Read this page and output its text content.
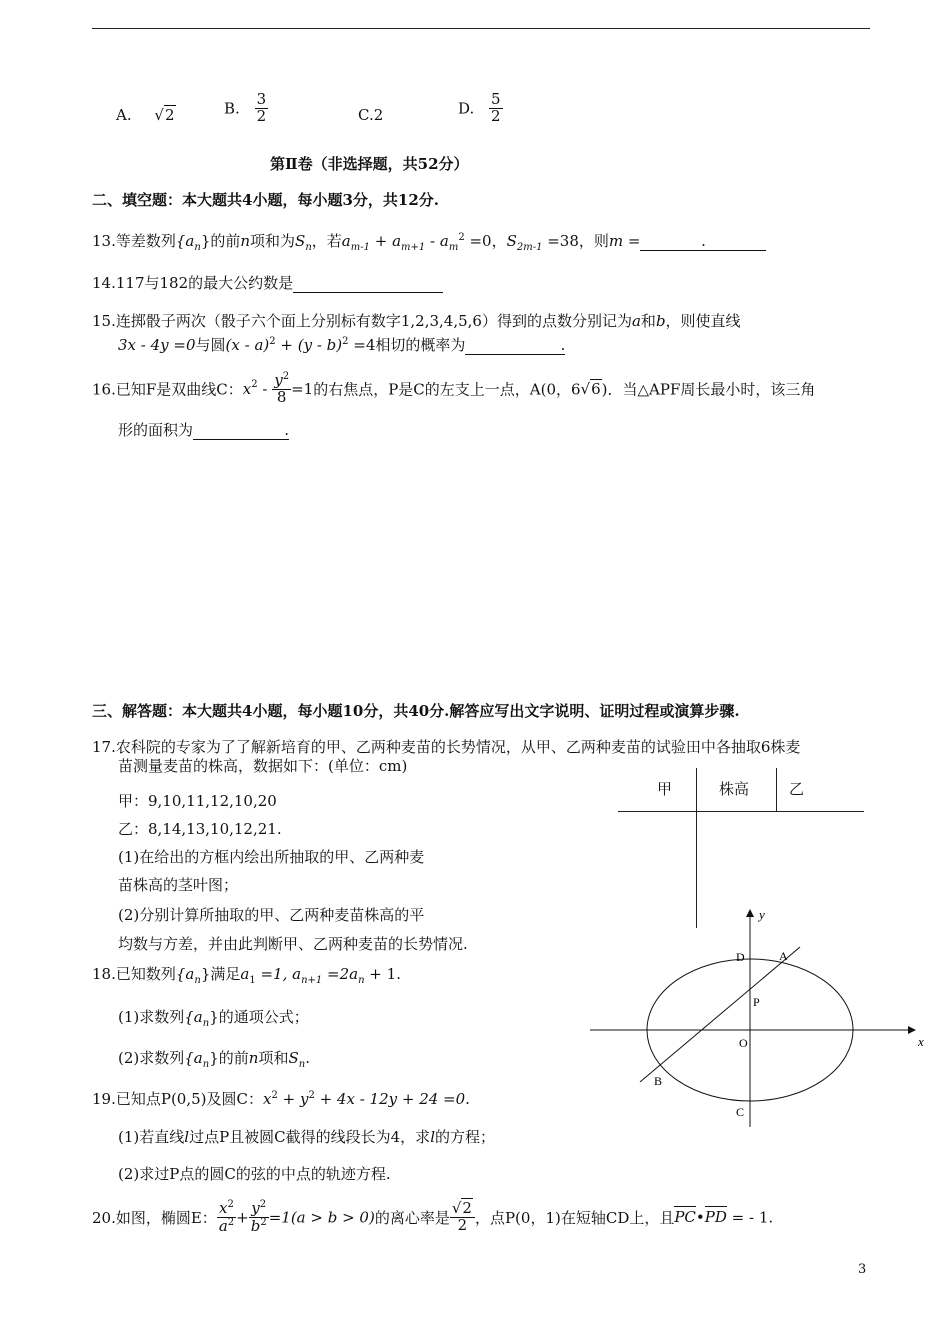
A. √2	B. $\frac{3}{2}$	C.2	D. $\frac{5}{2}$
第Ⅱ卷（非选择题，共52分）
二、填空题：本大题共4小题，每小题3分，共12分.
13.等差数列$\{a_n\}$的前n项和为$S_n$，若$a_{m-1} + a_{m+1} - a_m^2 =0$，$S_{2m-1} =38$，则m =	.
14.117与182的最大公约数是
15.连掷骰子两次（骰子六个面上分别标有数字1,2,3,4,5,6）得到的点数分别记为a和b，则使直线
3x - 4y =0与圆(x - a)$^2$ + (y - b)$^2$ =4相切的概率为	.
16.已知F是双曲线C：$x^2 - \frac{y^2}{8} =1$的右焦点，P是C的左支上一点，A(0，6√6)．当△APF周长最小时，该三角
形的面积为	.
三、解答题：本大题共4小题，每小题10分，共40分.解答应写出文字说明、证明过程或演算步骤.
17.农科院的专家为了了解新培育的甲、乙两种麦苗的长势情况，从甲、乙两种麦苗的试验田中各抽取6株麦
苗测量麦苗的株高，数据如下：(单位：cm)
甲：9,10,11,12,10,20
乙：8,14,13,10,12,21.
(1)在给出的方框内绘出所抽取的甲、乙两种麦
苗株高的茎叶图；
(2)分别计算所抽取的甲、乙两种麦苗株高的平
均数与方差，并由此判断甲、乙两种麦苗的长势情况.
甲	株高	乙
y
x
D	A
P
O
B
C
18.已知数列$\{a_n\}$满足$a_1 =1$, $a_{n+1} =2a_n + 1$.
(1)求数列$\{a_n\}$的通项公式；
(2)求数列$\{a_n\}$的前n项和$S_n$.
19.已知点P(0,5)及圆C：$x^2 + y^2 + 4x - 12y + 24 =0$.
(1)若直线l过点P且被圆C截得的线段长为4，求l的方程；
(2)求过P点的圆C的弦的中点的轨迹方程.
20.如图，椭圆E： $\frac{x^2}{a^2} + \frac{y^2}{b^2} =1(a > b > 0)$的离心率是 $\frac{√2}{2}$ ，点P(0，1)在短轴CD上，且PC•PD = - 1.
3
